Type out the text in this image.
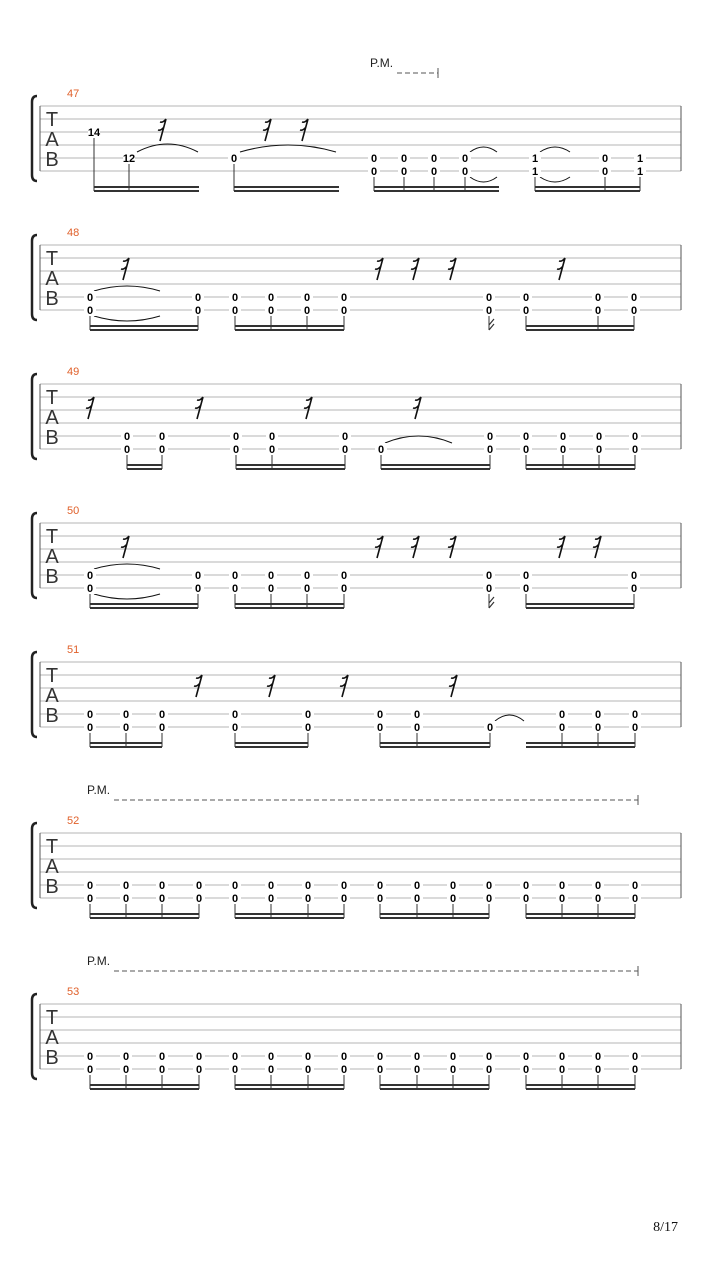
P.M.
47
T
A
B
14
12	0	0
0
0
0
0
0
0
0
1
1
0
0
1
1
48
T
A
B	0
0
0
0
0
0
0
0
0
0
0
0
0
0
0
0
0
0
0
0
49
T
A
B	0
0
0
0
0
0
0
0
0
0	0
0
0
0
0
0
0
0
0
0
0
50
T
A
B	0
0
0
0
0
0
0
0
0
0
0
0
0
0
0
0
0
0
51
T
A
B	0
0
0
0
0
0
0
0
0
0
0
0
0
0	0
0
0
0
0
0
0
P.M.
52
T
A
B	0
0
0
0
0
0
0
0
0
0
0
0
0
0
0
0
0
0
0
0
0
0
0
0
0
0
0
0
0
0
0
0
P.M.
53
T
A
B	0
0
0
0
0
0
0
0
0
0
0
0
0
0
0
0
0
0
0
0
0
0
0
0
0
0
0
0
0
0
0
0
8/17
